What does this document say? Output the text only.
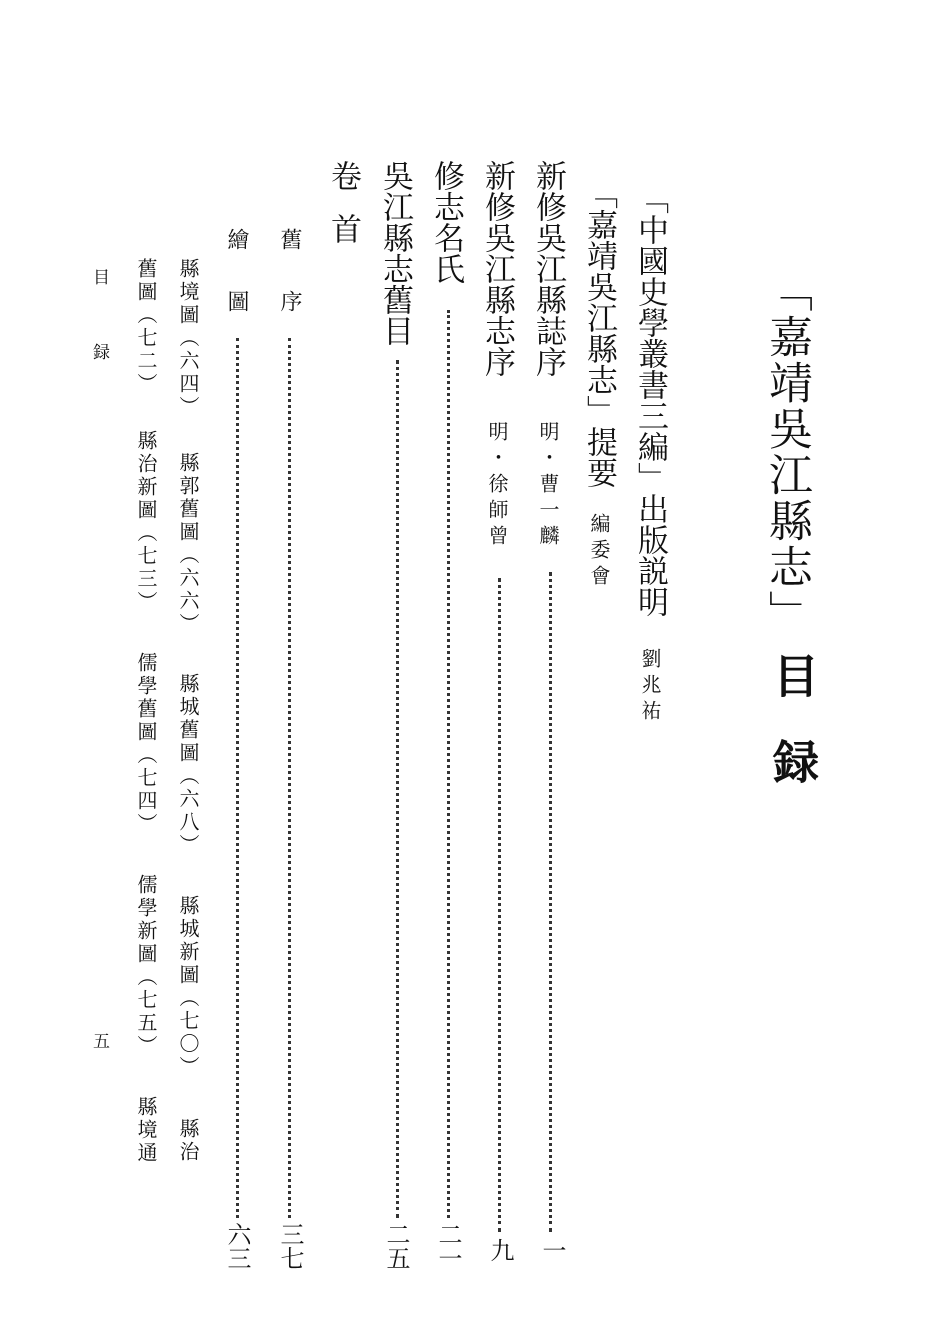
「嘉靖吳江縣志」
目録
「中國史學叢書三編」出版説明
劉兆祐
「嘉靖吳江縣志」提要
編委會
新修吳江縣誌序
明・曹一麟
一
新修吳江縣志序
明・徐師曾
九
修志名氏
二一
吳江縣志舊目
二五
卷首
舊序
三七
繪圖
六三
縣境圖（六四）
縣郭舊圖（六六）
縣城舊圖（六八）
縣城新圖（七〇）
縣治
舊圖（七二）
縣治新圖（七三）
儒學舊圖（七四）
儒學新圖（七五）
縣境通
目録
五
